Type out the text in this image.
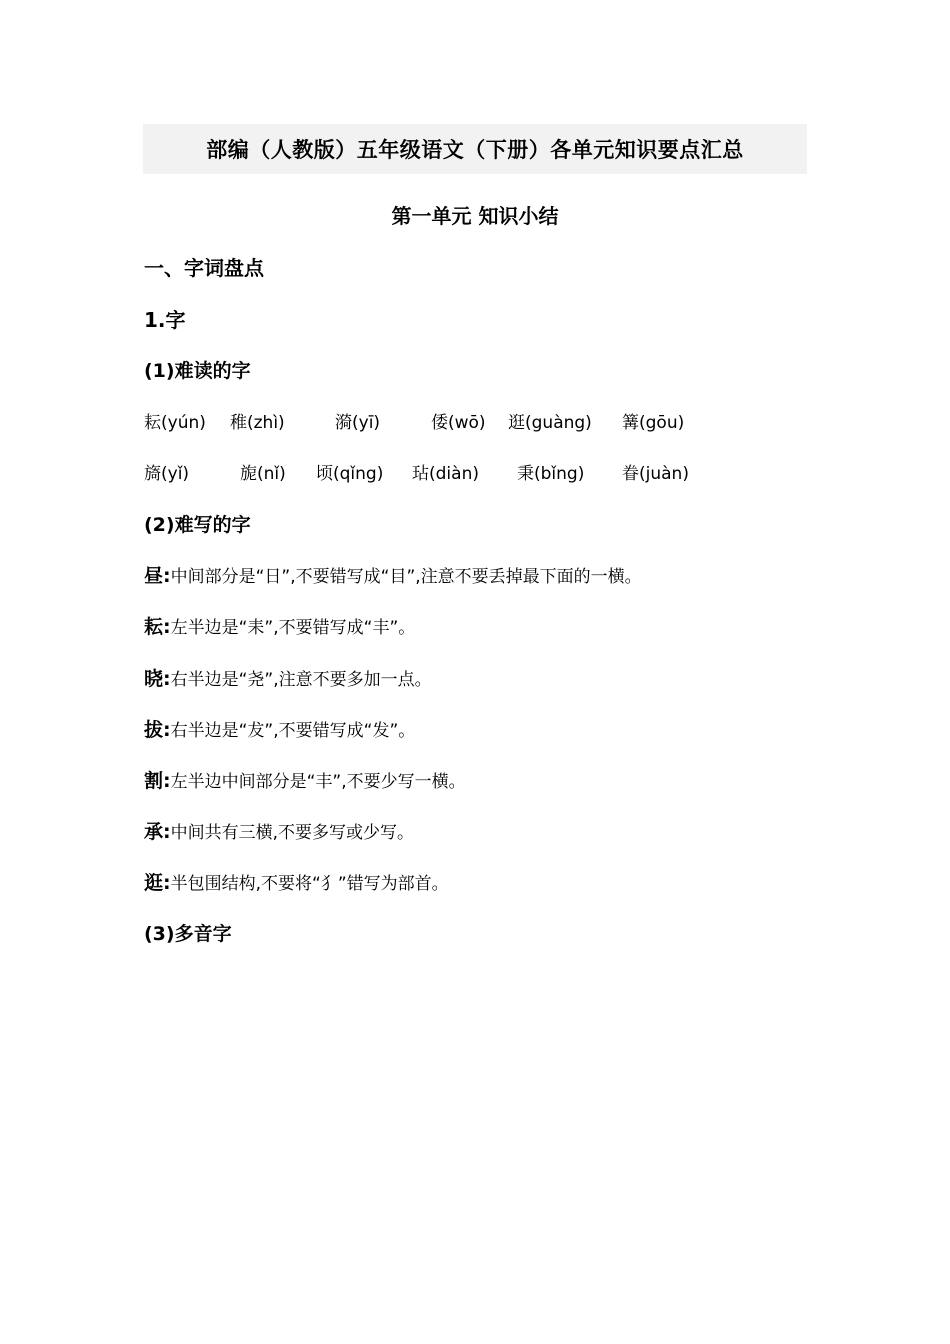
部编（人教版）五年级语文（下册）各单元知识要点汇总
第一单元 知识小结
一、字词盘点
1.字
(1)难读的字
耘(yún) 稚(zhì)	漪(yī)	倭(wō) 逛(guàng) 篝(gōu)
旖(yǐ)	旎(nǐ) 顷(qǐng) 玷(diàn) 秉(bǐng) 眷(juàn)
(2)难写的字
昼:中间部分是“日”,不要错写成“目”,注意不要丢掉最下面的一横。
耘:左半边是“耒”,不要错写成“丰”。
晓:右半边是“尧”,注意不要多加一点。
拔:右半边是“犮”,不要错写成“发”。
割:左半边中间部分是“丰”,不要少写一横。
承:中间共有三横,不要多写或少写。
逛:半包围结构,不要将“犭”错写为部首。
(3)多音字
